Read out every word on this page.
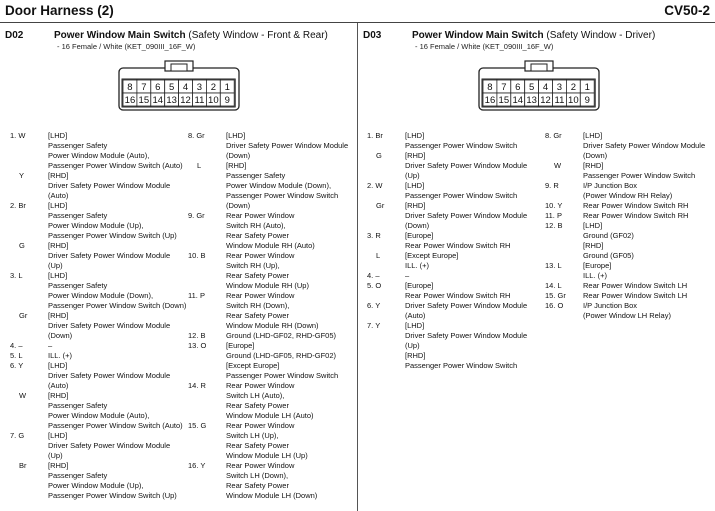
Door Harness (2)	CV50-2
D02	Power Window Main Switch (Safety Window - Front & Rear)
- 16 Female / White (KET_090III_16F_W)
8 7 6 5 4 3 2 1
16 15 14 13 12 11 10 9
1. W	[LHD]
Passenger Safety
Power Window Module (Auto),
Passenger Power Window Switch (Auto)
Y	[RHD]
Driver Safety Power Window Module
(Auto)
2. Br	[LHD]
Passenger Safety
Power Window Module (Up),
Passenger Power Window Switch (Up)
G	[RHD]
Driver Safety Power Window Module
(Up)
3. L	[LHD]
Passenger Safety
Power Window Module (Down),
Passenger Power Window Switch (Down)
Gr	[RHD]
Driver Safety Power Window Module
(Down)
4. –	–
5. L	ILL. (+)
6. Y	[LHD]
Driver Safety Power Window Module
(Auto)
W	[RHD]
Passenger Safety
Power Window Module (Auto),
Passenger Power Window Switch (Auto)
7. G	[LHD]
Driver Safety Power Window Module
(Up)
Br	[RHD]
Passenger Safety
Power Window Module (Up),
Passenger Power Window Switch (Up)
8. Gr	[LHD]
Driver Safety Power Window Module
(Down)
L	[RHD]
Passenger Safety
Power Window Module (Down),
Passenger Power Window Switch
(Down)
9. Gr	Rear Power Window
Switch RH (Auto),
Rear Safety Power
Window Module RH (Auto)
10. B	Rear Power Window
Switch RH (Up),
Rear Safety Power
Window Module RH (Up)
11. P	Rear Power Window
Switch RH (Down),
Rear Safety Power
Window Module RH (Down)
12. B	Ground (LHD-GF02, RHD-GF05)
13. O	[Europe]
Ground (LHD-GF05, RHD-GF02)
[Except Europe]
Passenger Power Window Switch
14. R	Rear Power Window
Switch LH (Auto),
Rear Safety Power
Window Module LH (Auto)
15. G	Rear Power Window
Switch LH (Up),
Rear Safety Power
Window Module LH (Up)
16. Y	Rear Power Window
Switch LH (Down),
Rear Safety Power
Window Module LH (Down)
D03	Power Window Main Switch (Safety Window - Driver)
- 16 Female / White (KET_090III_16F_W)
8 7 6 5 4 3 2 1
16 15 14 13 12 11 10 9
1. Br	[LHD]
Passenger Power Window Switch
G	[RHD]
Driver Safety Power Window Module
(Up)
2. W	[LHD]
Passenger Power Window Switch
Gr	[RHD]
Driver Safety Power Window Module
(Down)
3. R	[Europe]
Rear Power Window Switch RH
L	[Except Europe]
ILL. (+)
4. –	–
5. O	[Europe]
Rear Power Window Switch RH
6. Y	Driver Safety Power Window Module
(Auto)
7. Y	[LHD]
Driver Safety Power Window Module
(Up)
[RHD]
Passenger Power Window Switch
8. Gr	[LHD]
Driver Safety Power Window Module
(Down)
W	[RHD]
Passenger Power Window Switch
9. R	I/P Junction Box
(Power Window RH Relay)
10. Y	Rear Power Window Switch RH
11. P	Rear Power Window Switch RH
12. B	[LHD]
Ground (GF02)
[RHD]
Ground (GF05)
13. L	[Europe]
ILL. (+)
14. L	Rear Power Window Switch LH
15. Gr Rear Power Window Switch LH
16. O	I/P Junction Box
(Power Window LH Relay)
